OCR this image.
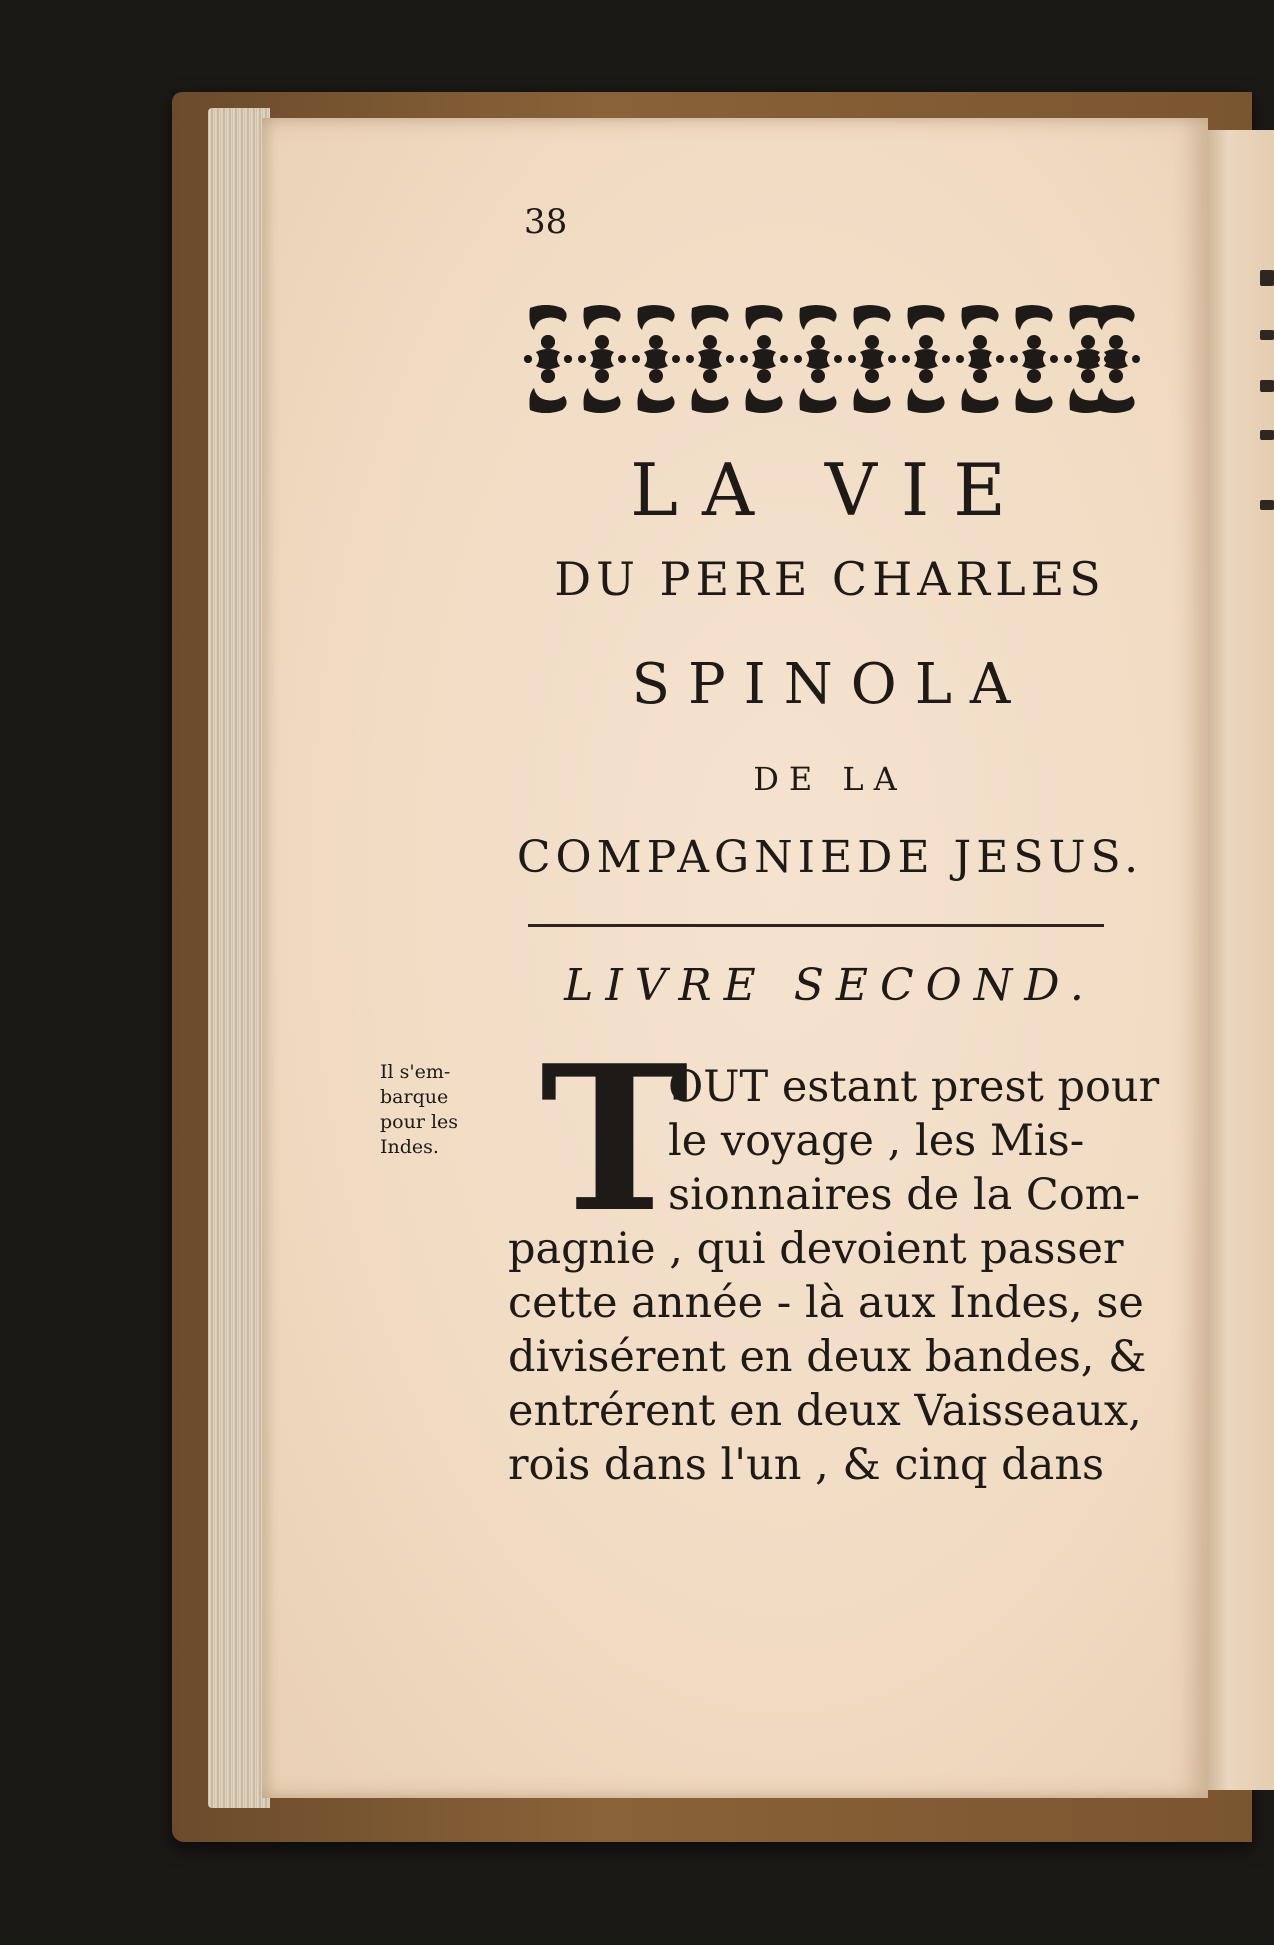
38
LA VIE
DU PERE CHARLES
SPINOLA
DE LA
COMPAGNIEDE JESUS.
LIVRE SECOND.
Il s'em-
barque
pour les
Indes. T
OUT estant prest pour
le voyage , les Mis-
sionnaires de la Com-
pagnie , qui devoient passer
cette année - là aux Indes, se
divisérent en deux bandes, &
entrérent en deux Vaisseaux,
rois dans l'un , & cinq dans
